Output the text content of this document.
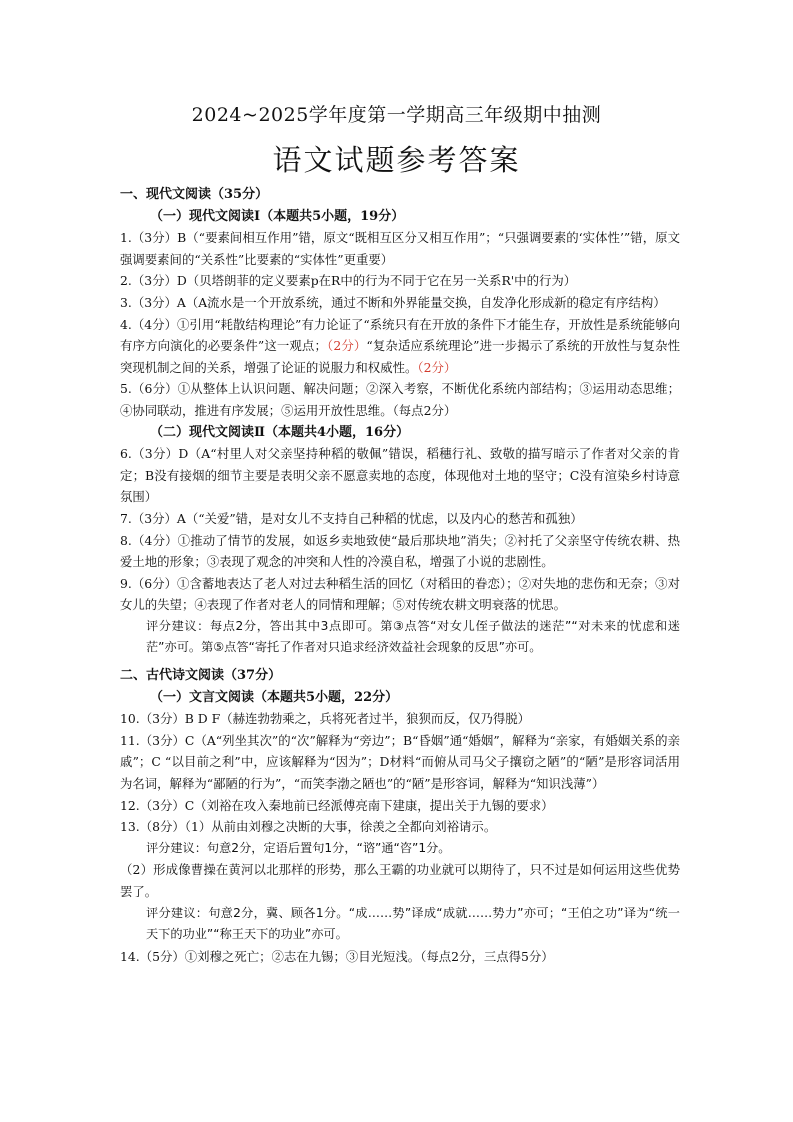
2024~2025学年度第一学期高三年级期中抽测
语文试题参考答案

一、现代文阅读（35分）

（一）现代文阅读Ⅰ（本题共5小题，19分）

1.（3分）B（“要素间相互作用”错，原文“既相互区分又相互作用”；“只强调要素的‘实体性’”错，原文强调要素间的“关系性”比要素的“实体性”更重要）

2.（3分）D（贝塔朗菲的定义要素p在R中的行为不同于它在另一关系R'中的行为）

3.（3分）A（A流水是一个开放系统，通过不断和外界能量交换，自发净化形成新的稳定有序结构）

4.（4分）①引用“耗散结构理论”有力论证了“系统只有在开放的条件下才能生存，开放性是系统能够向有序方向演化的必要条件”这一观点；（2分）“复杂适应系统理论”进一步揭示了系统的开放性与复杂性突现机制之间的关系，增强了论证的说服力和权威性。（2分）

5.（6分）①从整体上认识问题、解决问题；②深入考察，不断优化系统内部结构；③运用动态思维；④协同联动，推进有序发展；⑤运用开放性思维。（每点2分）

（二）现代文阅读Ⅱ（本题共4小题，16分）

6.（3分）D（A“村里人对父亲坚持种稻的敬佩”错误，稻穗行礼、致敬的描写暗示了作者对父亲的肯定；B没有接烟的细节主要是表明父亲不愿意卖地的态度，体现他对土地的坚守；C没有渲染乡村诗意氛围）

7.（3分）A（“关爱”错，是对女儿不支持自己种稻的忧虑，以及内心的愁苦和孤独）

8.（4分）①推动了情节的发展，如返乡卖地致使“最后那块地”消失；②衬托了父亲坚守传统农耕、热爱土地的形象；③表现了观念的冲突和人性的冷漠自私，增强了小说的悲剧性。

9.（6分）①含蓄地表达了老人对过去种稻生活的回忆（对稻田的眷恋）；②对失地的悲伤和无奈；③对女儿的失望；④表现了作者对老人的同情和理解；⑤对传统农耕文明衰落的忧思。

评分建议：每点2分，答出其中3点即可。第③点答“对女儿侄子做法的迷茫”“对未来的忧虑和迷茫”亦可。第⑤点答“寄托了作者对只追求经济效益社会现象的反思”亦可。

二、古代诗文阅读（37分）

（一）文言文阅读（本题共5小题，22分）

10.（3分）B D F（赫连勃勃乘之，兵将死者过半，狼狈而反，仅乃得脱）

11.（3分）C（A“列坐其次”的“次”解释为“旁边”；B“昏姻”通“婚姻”，解释为“亲家，有婚姻关系的亲戚”；C “以目前之利”中，应该解释为“因为”；D材料“而俯从司马父子攘窃之陋”的“陋”是形容词活用为名词，解释为“鄙陋的行为”，“而笑李渤之陋也”的“陋”是形容词，解释为“知识浅薄”）

12.（3分）C（刘裕在攻入秦地前已经派傅亮南下建康，提出关于九锡的要求）

13.（8分）（1）从前由刘穆之决断的大事，徐羡之全都向刘裕请示。

评分建议：句意2分，定语后置句1分，“谘”通“咨”1分。

（2）形成像曹操在黄河以北那样的形势，那么王霸的功业就可以期待了，只不过是如何运用这些优势罢了。

评分建议：句意2分，冀、顾各1分。“成……势”译成“成就……势力”亦可；“王伯之功”译为“统一天下的功业”“称王天下的功业”亦可。

14.（5分）①刘穆之死亡；②志在九锡；③目光短浅。（每点2分，三点得5分）
